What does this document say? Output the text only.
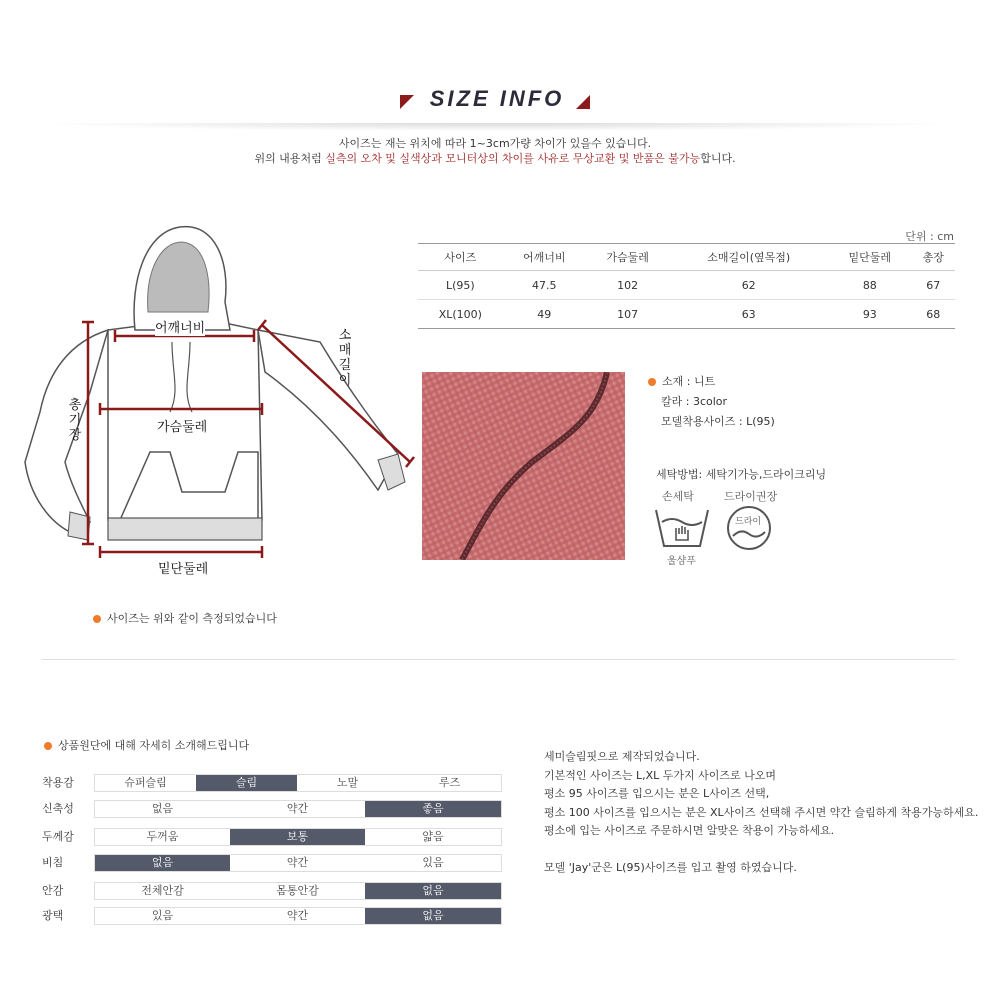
SIZE INFO
사이즈는 재는 위치에 따라 1~3cm가량 차이가 있을수 있습니다.
위의 내용처럼 실측의 오차 및 실색상과 모니터상의 차이를 사유로 무상교환 및 반품은 불가능합니다.
단위 : cm
사이즈	어깨너비	가슴둘레	소매길이(옆목점)	밑단둘레	총장
L(95)	47.5	102	62	88	67
XL(100)	49	107	63	93	68
어깨너비
가슴둘레
밑단둘레
총
기
장
소
매
길
이
사이즈는 위와 같이 측정되었습니다
소재 : 니트
칼라 : 3color
모델착용사이즈 : L(95)
세탁방법: 세탁기가능,드라이크리닝
손세탁	드라이권장
울샴푸
드라이
상품원단에 대해 자세히 소개해드립니다
착용감	슈퍼슬림	슬림	노말	루즈
신축성	없음	약간	좋음
두께감	두꺼움	보통	얇음
비침	없음	약간	있음
안감	전체안감	몸통안감	없음
광택	있음	약간	없음
세미슬림핏으로 제작되었습니다.
기본적인 사이즈는 L,XL 두가지 사이즈로 나오며
평소 95 사이즈를 입으시는 분은 L사이즈 선택,
평소 100 사이즈를 입으시는 분은 XL사이즈 선택해 주시면 약간 슬림하게 착용가능하세요.
평소에 입는 사이즈로 주문하시면 알맞은 착용이 가능하세요.
모델 'Jay'군은 L(95)사이즈를 입고 촬영 하였습니다.
